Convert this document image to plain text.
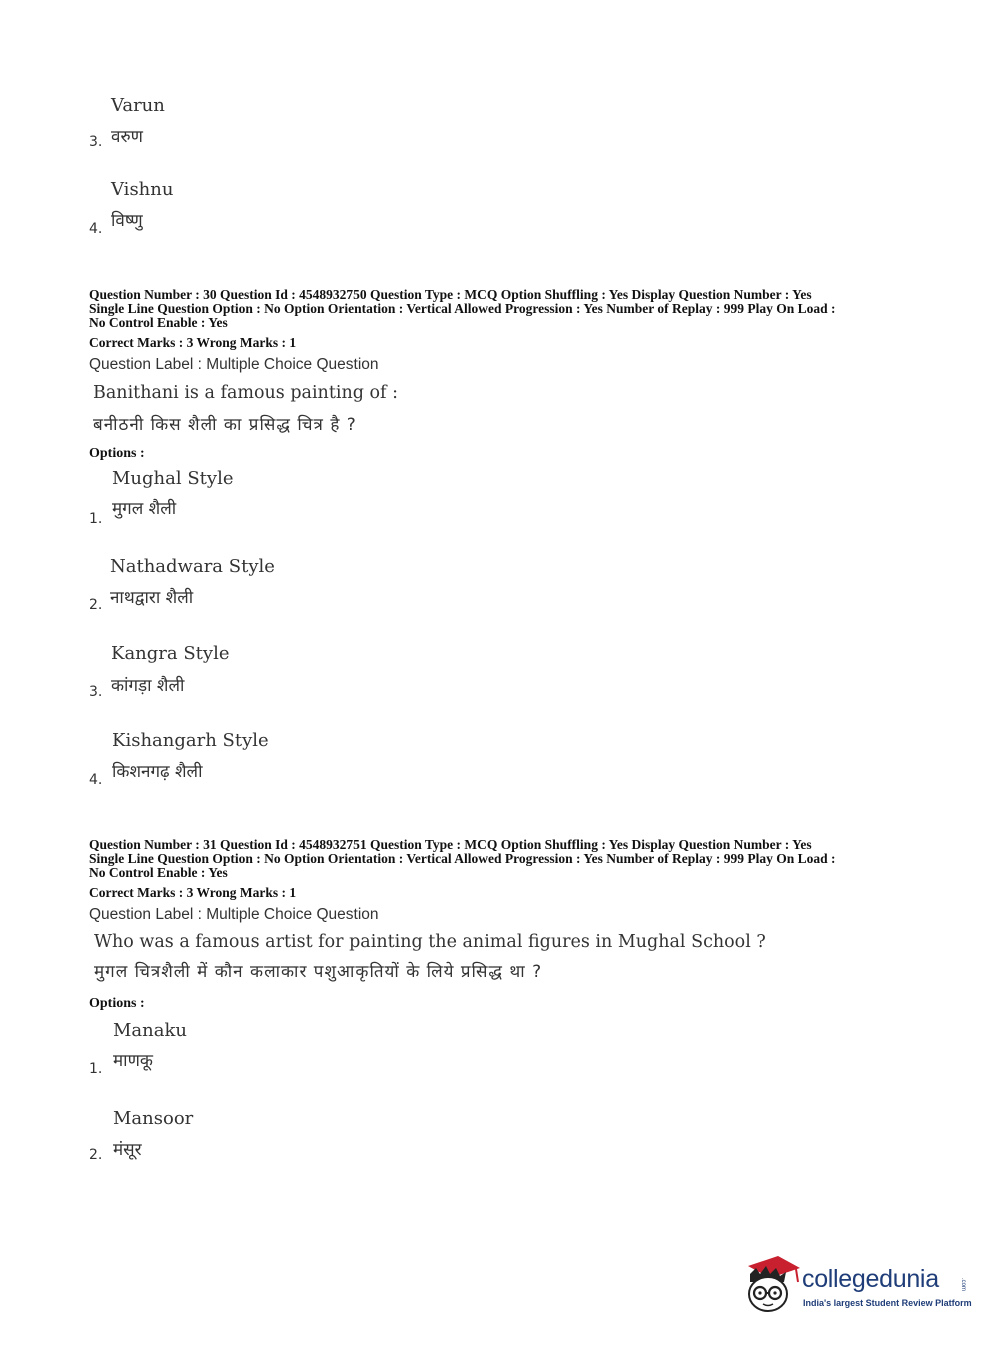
Varun
वरुण
3.
Vishnu
विष्णु
4.
Question Number : 30 Question Id : 4548932750 Question Type : MCQ Option Shuffling : Yes Display Question Number : Yes
Single Line Question Option : No Option Orientation : Vertical Allowed Progression : Yes Number of Replay : 999 Play On Load :
No Control Enable : Yes
Correct Marks : 3 Wrong Marks : 1
Question Label : Multiple Choice Question
Banithani is a famous painting of :
बनीठनी किस शैली का प्रसिद्ध चित्र है ?
Options :
Mughal Style
मुगल शैली
1.
Nathadwara Style
नाथद्वारा शैली
2.
Kangra Style
कांगड़ा शैली
3.
Kishangarh Style
किशनगढ़ शैली
4.
Question Number : 31 Question Id : 4548932751 Question Type : MCQ Option Shuffling : Yes Display Question Number : Yes
Single Line Question Option : No Option Orientation : Vertical Allowed Progression : Yes Number of Replay : 999 Play On Load :
No Control Enable : Yes
Correct Marks : 3 Wrong Marks : 1
Question Label : Multiple Choice Question
Who was a famous artist for painting the animal figures in Mughal School ?
मुगल चित्रशैली में कौन कलाकार पशुआकृतियों के लिये प्रसिद्ध था ?
Options :
Manaku
माणकू
1.
Mansoor
मंसूर
2.
collegedunia	.com
India's largest Student Review Platform
